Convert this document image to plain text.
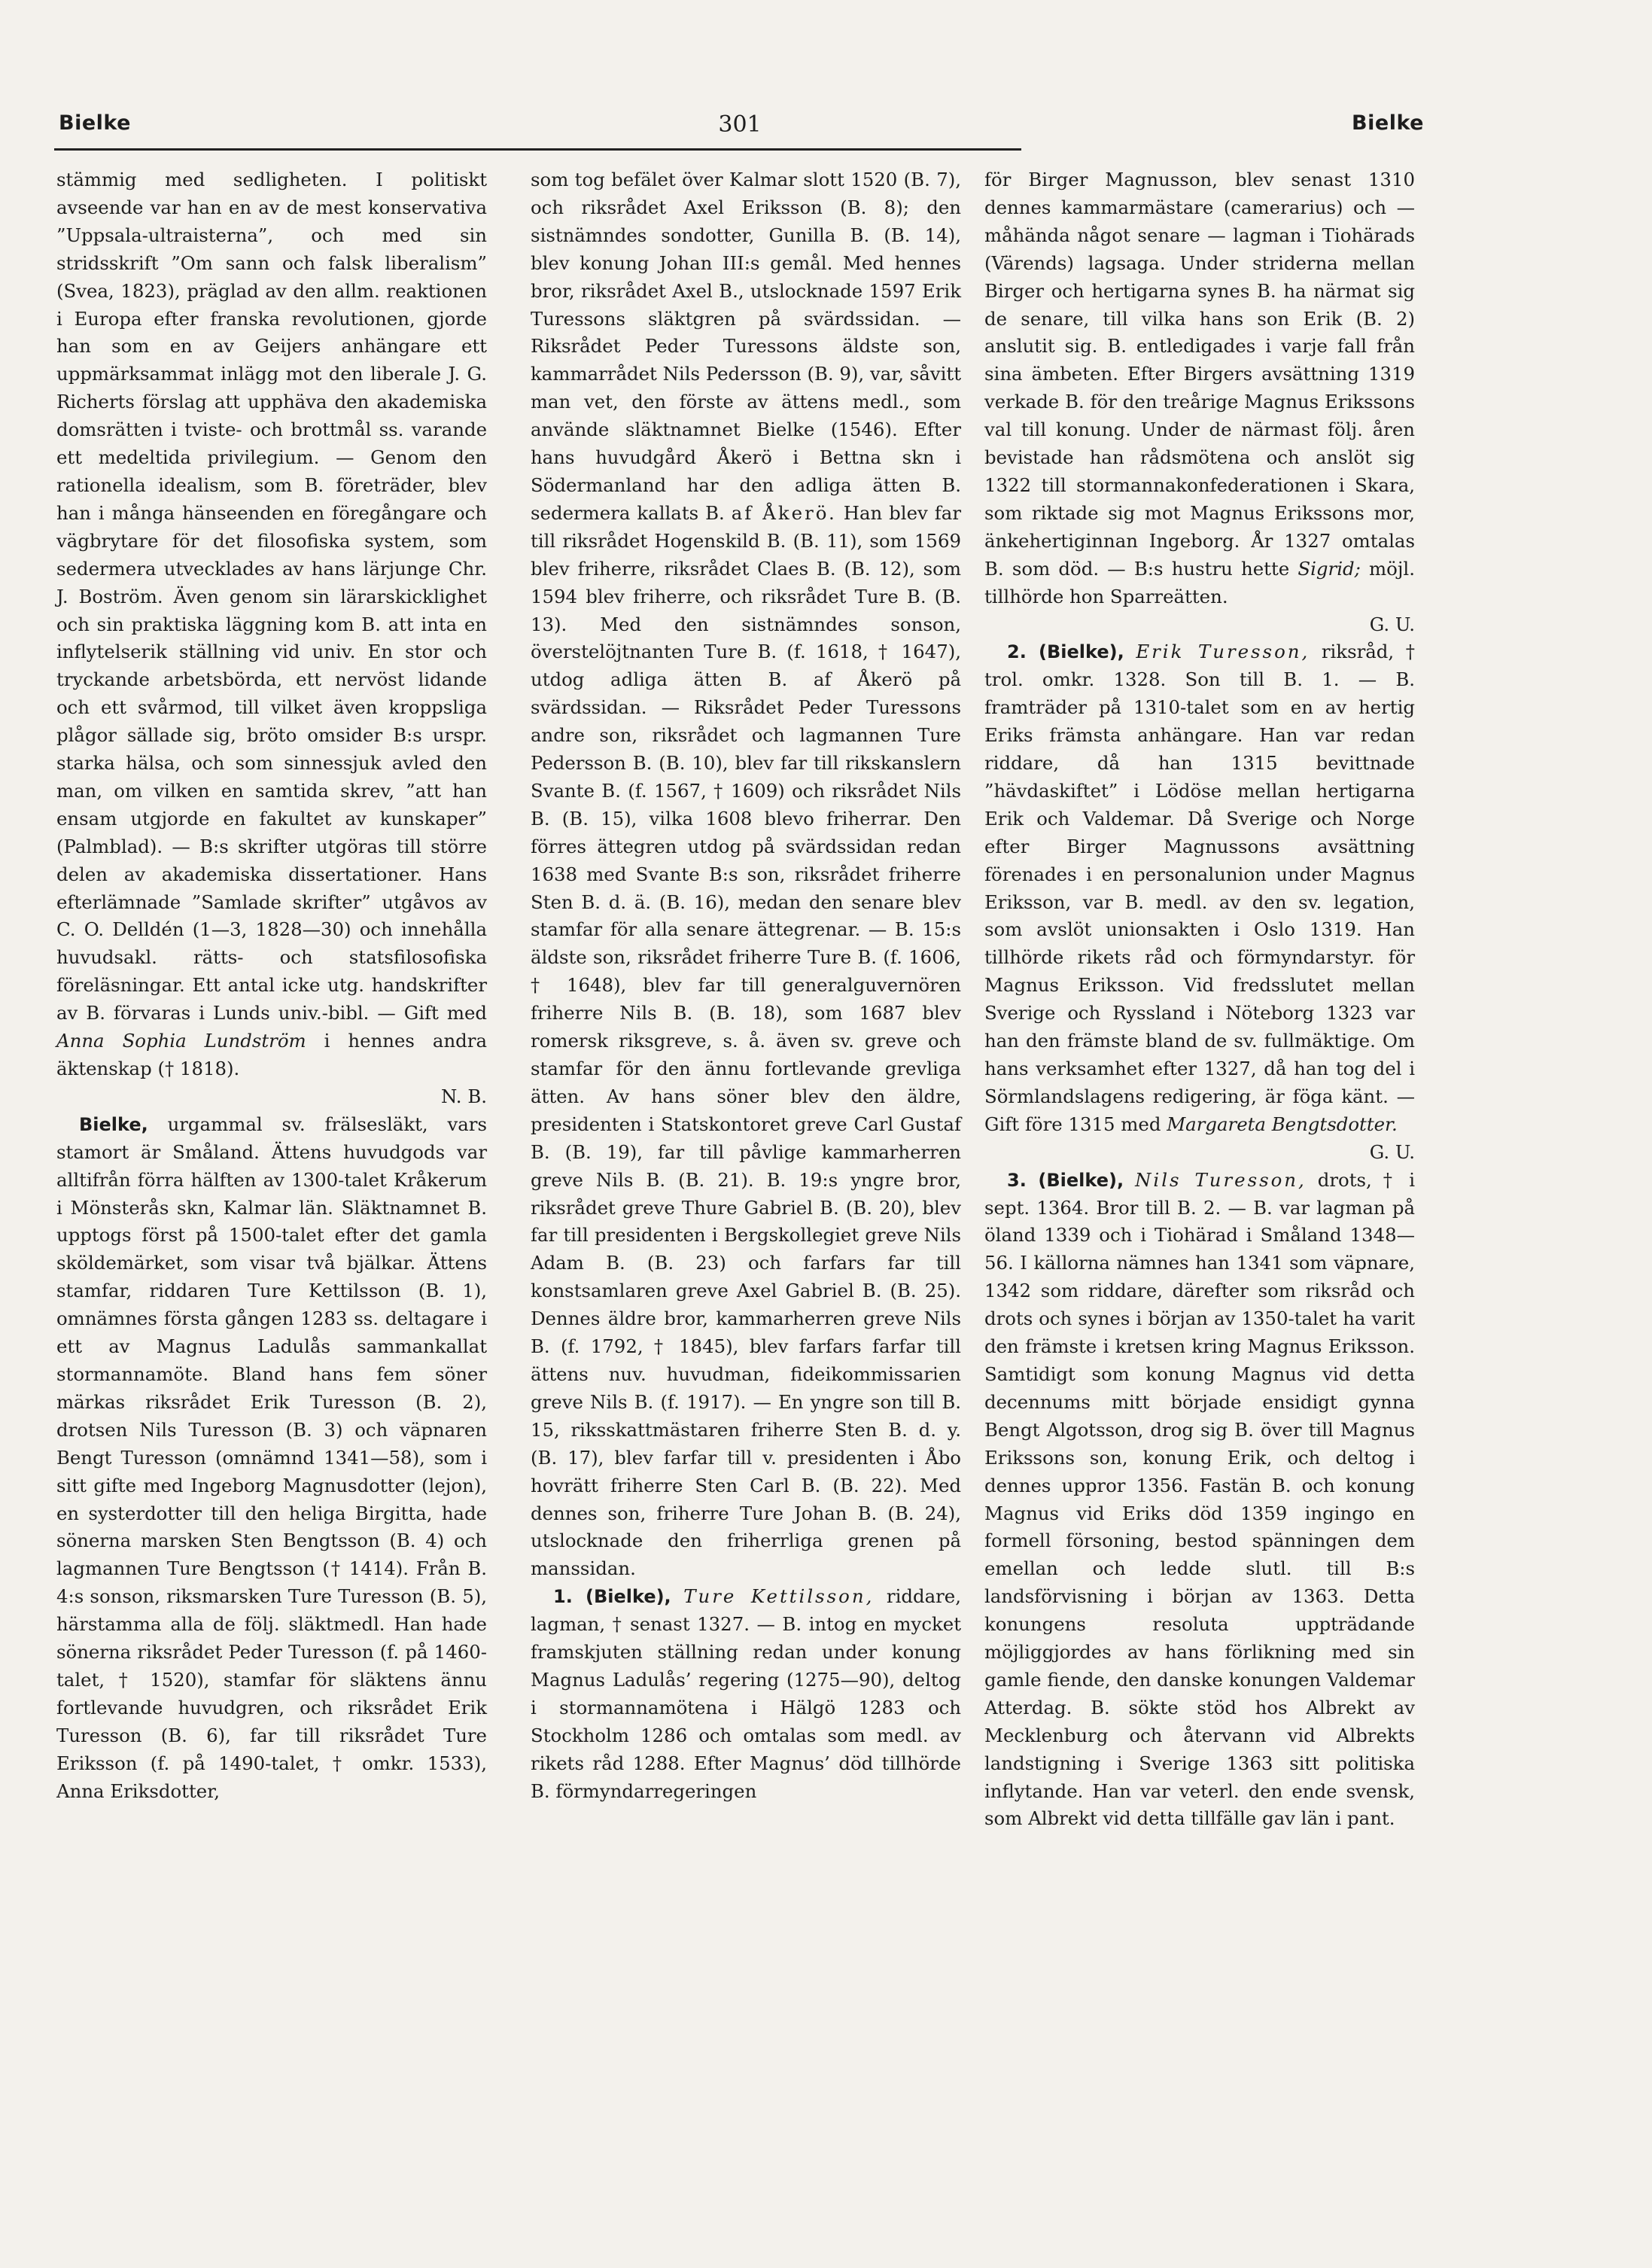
Bielke	301	Bielke

stämmig med sedligheten. I politiskt avseende var han en av de mest konservativa ”Uppsala-ultraisterna”, och med sin stridsskrift ”Om sann och falsk liberalism” (Svea, 1823), präglad av den allm. reaktionen i Europa efter franska revolutionen, gjorde han som en av Geijers anhängare ett uppmärksammat inlägg mot den liberale J. G. Richerts förslag att upphäva den akademiska domsrätten i tviste- och brottmål ss. varande ett medeltida privilegium. — Genom den rationella idealism, som B. företräder, blev han i många hänseenden en föregångare och vägbrytare för det filosofiska system, som sedermera utvecklades av hans lärjunge Chr. J. Boström. Även genom sin lärarskicklighet och sin praktiska läggning kom B. att inta en inflytelserik ställning vid univ. En stor och tryckande arbetsbörda, ett nervöst lidande och ett svårmod, till vilket även kroppsliga plågor sällade sig, bröto omsider B:s urspr. starka hälsa, och som sinnessjuk avled den man, om vilken en samtida skrev, ”att han ensam utgjorde en fakultet av kunskaper” (Palmblad). — B:s skrifter utgöras till större delen av akademiska dissertationer. Hans efterlämnade ”Samlade skrifter” utgåvos av C. O. Delldén (1—3, 1828—30) och innehålla huvudsakl. rätts- och statsfilosofiska föreläsningar. Ett antal icke utg. handskrifter av B. förvaras i Lunds univ.-bibl. — Gift med Anna Sophia Lundström i hennes andra äktenskap († 1818).
N. B.

Bielke, urgammal sv. frälsesläkt, vars stamort är Småland. Ättens huvudgods var alltifrån förra hälften av 1300-talet Kråkerum i Mönsterås skn, Kalmar län. Släktnamnet B. upptogs först på 1500-talet efter det gamla sköldemärket, som visar två bjälkar. Ättens stamfar, riddaren Ture Kettilsson (B. 1), omnämnes första gången 1283 ss. deltagare i ett av Magnus Ladulås sammankallat stormannamöte. Bland hans fem söner märkas riksrådet Erik Turesson (B. 2), drotsen Nils Turesson (B. 3) och väpnaren Bengt Turesson (omnämnd 1341—58), som i sitt gifte med Ingeborg Magnusdotter (lejon), en systerdotter till den heliga Birgitta, hade sönerna marsken Sten Bengtsson (B. 4) och lagmannen Ture Bengtsson († 1414). Från B. 4:s sonson, riksmarsken Ture Turesson (B. 5), härstamma alla de följ. släktmedl. Han hade sönerna riksrådet Peder Turesson (f. på 1460-talet, † 1520), stamfar för släktens ännu fortlevande huvudgren, och riksrådet Erik Turesson (B. 6), far till riksrådet Ture Eriksson (f. på 1490-talet, † omkr. 1533), Anna Eriksdotter,

som tog befälet över Kalmar slott 1520 (B. 7), och riksrådet Axel Eriksson (B. 8); den sistnämndes sondotter, Gunilla B. (B. 14), blev konung Johan III:s gemål. Med hennes bror, riksrådet Axel B., utslocknade 1597 Erik Turessons släktgren på svärdssidan. — Riksrådet Peder Turessons äldste son, kammarrådet Nils Pedersson (B. 9), var, såvitt man vet, den förste av ättens medl., som använde släktnamnet Bielke (1546). Efter hans huvudgård Åkerö i Bettna skn i Södermanland har den adliga ätten B. sedermera kallats B. af Åkerö. Han blev far till riksrådet Hogenskild B. (B. 11), som 1569 blev friherre, riksrådet Claes B. (B. 12), som 1594 blev friherre, och riksrådet Ture B. (B. 13). Med den sistnämndes sonson, överstelöjtnanten Ture B. (f. 1618, † 1647), utdog adliga ätten B. af Åkerö på svärdssidan. — Riksrådet Peder Turessons andre son, riksrådet och lagmannen Ture Pedersson B. (B. 10), blev far till rikskanslern Svante B. (f. 1567, † 1609) och riksrådet Nils B. (B. 15), vilka 1608 blevo friherrar. Den förres ättegren utdog på svärdssidan redan 1638 med Svante B:s son, riksrådet friherre Sten B. d. ä. (B. 16), medan den senare blev stamfar för alla senare ättegrenar. — B. 15:s äldste son, riksrådet friherre Ture B. (f. 1606, † 1648), blev far till generalguvernören friherre Nils B. (B. 18), som 1687 blev romersk riksgreve, s. å. även sv. greve och stamfar för den ännu fortlevande grevliga ätten. Av hans söner blev den äldre, presidenten i Statskontoret greve Carl Gustaf B. (B. 19), far till påvlige kammarherren greve Nils B. (B. 21). B. 19:s yngre bror, riksrådet greve Thure Gabriel B. (B. 20), blev far till presidenten i Bergskollegiet greve Nils Adam B. (B. 23) och farfars far till konstsamlaren greve Axel Gabriel B. (B. 25). Dennes äldre bror, kammarherren greve Nils B. (f. 1792, † 1845), blev farfars farfar till ättens nuv. huvudman, fideikommissarien greve Nils B. (f. 1917). — En yngre son till B. 15, riksskattmästaren friherre Sten B. d. y. (B. 17), blev farfar till v. presidenten i Åbo hovrätt friherre Sten Carl B. (B. 22). Med dennes son, friherre Ture Johan B. (B. 24), utslocknade den friherrliga grenen på manssidan.

1. (Bielke), Ture Kettilsson, riddare, lagman, † senast 1327. — B. intog en mycket framskjuten ställning redan under konung Magnus Ladulås’ regering (1275—90), deltog i stormannamötena i Hälgö 1283 och Stockholm 1286 och omtalas som medl. av rikets råd 1288. Efter Magnus’ död tillhörde B. förmyndarregeringen

för Birger Magnusson, blev senast 1310 dennes kammarmästare (camerarius) och — måhända något senare — lagman i Tiohärads (Värends) lagsaga. Under striderna mellan Birger och hertigarna synes B. ha närmat sig de senare, till vilka hans son Erik (B. 2) anslutit sig. B. entledigades i varje fall från sina ämbeten. Efter Birgers avsättning 1319 verkade B. för den treårige Magnus Erikssons val till konung. Under de närmast följ. åren bevistade han rådsmötena och anslöt sig 1322 till stormannakonfederationen i Skara, som riktade sig mot Magnus Erikssons mor, änkehertiginnan Ingeborg. År 1327 omtalas B. som död. — B:s hustru hette Sigrid; möjl. tillhörde hon Sparreätten.
G. U.

2. (Bielke), Erik Turesson, riksråd, † trol. omkr. 1328. Son till B. 1. — B. framträder på 1310-talet som en av hertig Eriks främsta anhängare. Han var redan riddare, då han 1315 bevittnade ”hävdaskiftet” i Lödöse mellan hertigarna Erik och Valdemar. Då Sverige och Norge efter Birger Magnussons avsättning förenades i en personalunion under Magnus Eriksson, var B. medl. av den sv. legation, som avslöt unionsakten i Oslo 1319. Han tillhörde rikets råd och förmyndarstyr. för Magnus Eriksson. Vid fredsslutet mellan Sverige och Ryssland i Nöteborg 1323 var han den främste bland de sv. fullmäktige. Om hans verksamhet efter 1327, då han tog del i Sörmlandslagens redigering, är föga känt. — Gift före 1315 med Margareta Bengtsdotter.
G. U.

3. (Bielke), Nils Turesson, drots, † i sept. 1364. Bror till B. 2. — B. var lagman på öland 1339 och i Tiohärad i Småland 1348—56. I källorna nämnes han 1341 som väpnare, 1342 som riddare, därefter som riksråd och drots och synes i början av 1350-talet ha varit den främste i kretsen kring Magnus Eriksson. Samtidigt som konung Magnus vid detta decennums mitt började ensidigt gynna Bengt Algotsson, drog sig B. över till Magnus Erikssons son, konung Erik, och deltog i dennes uppror 1356. Fastän B. och konung Magnus vid Eriks död 1359 ingingo en formell försoning, bestod spänningen dem emellan och ledde slutl. till B:s landsförvisning i början av 1363. Detta konungens resoluta uppträdande möjliggjordes av hans förlikning med sin gamle fiende, den danske konungen Valdemar Atterdag. B. sökte stöd hos Albrekt av Mecklenburg och återvann vid Albrekts landstigning i Sverige 1363 sitt politiska inflytande. Han var veterl. den ende svensk, som Albrekt vid detta tillfälle gav län i pant.
